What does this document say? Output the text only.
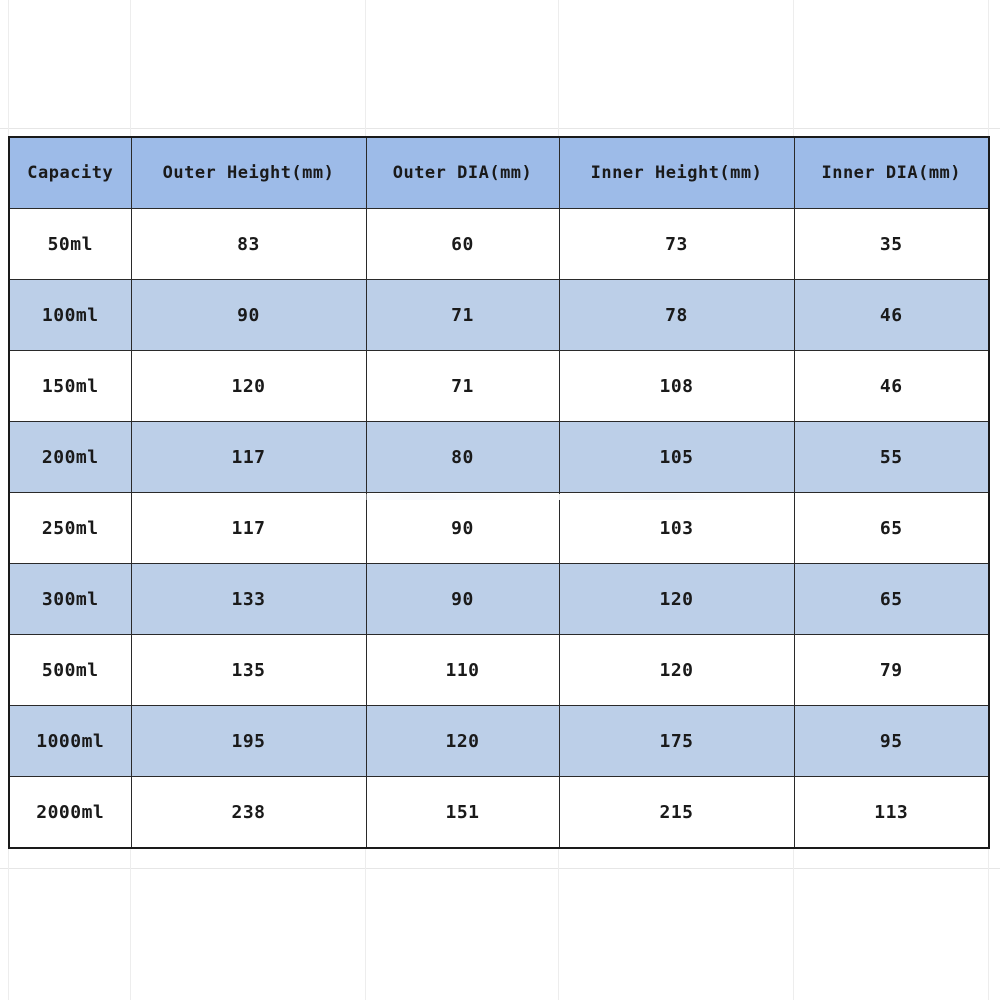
Capacity	Outer Height(mm)	Outer DIA(mm)	Inner Height(mm)	Inner DIA(mm)
50ml	83	60	73	35
100ml	90	71	78	46
150ml	120	71	108	46
200ml	117	80	105	55
250ml	117	90	103	65
300ml	133	90	120	65
500ml	135	110	120	79
1000ml	195	120	175	95
2000ml	238	151	215	113
